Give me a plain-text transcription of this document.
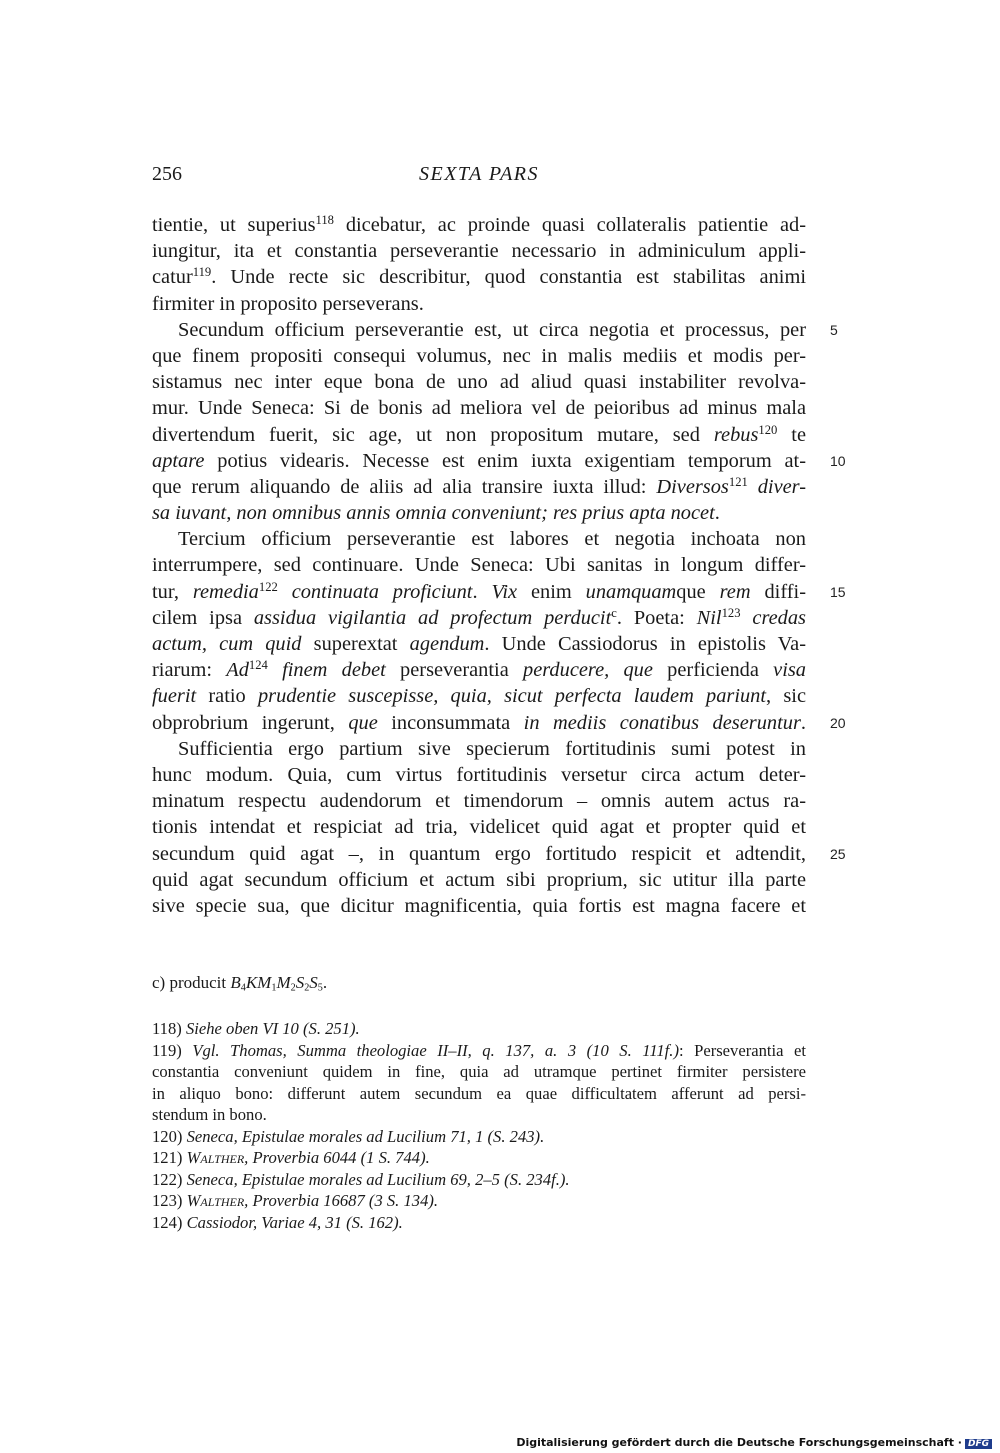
256	SEXTA PARS
tientie, ut superius$^{118}$ dicebatur, ac proinde quasi collateralis patientie ad-
iungitur, ita et constantia perseverantie necessario in adminiculum appli-
catur$^{119}$. Unde recte sic describitur, quod constantia est stabilitas animi
firmiter in proposito perseverans.
Secundum officium perseverantie est, ut circa negotia et processus, per
que finem propositi consequi volumus, nec in malis mediis et modis per-
sistamus nec inter eque bona de uno ad aliud quasi instabiliter revolva-
mur. Unde Seneca: Si de bonis ad meliora vel de peioribus ad minus mala
divertendum fuerit, sic age, ut non propositum mutare, sed rebus$^{120}$ te
aptare potius videaris. Necesse est enim iuxta exigentiam temporum at-
que rerum aliquando de aliis ad alia transire iuxta illud: Diversos$^{121}$ diver-
sa iuvant, non omnibus annis omnia conveniunt; res prius apta nocet.
Tercium officium perseverantie est labores et negotia inchoata non
interrumpere, sed continuare. Unde Seneca: Ubi sanitas in longum differ-
tur, remedia$^{122}$ continuata proficiunt. Vix enim unamquamque rem diffi-
cilem ipsa assidua vigilantia ad profectum perducit$^c$. Poeta: Nil$^{123}$ credas
actum, cum quid superextat agendum. Unde Cassiodorus in epistolis Va-
riarum: Ad$^{124}$ finem debet perseverantia perducere, que perficienda visa
fuerit ratio prudentie suscepisse, quia, sicut perfecta laudem pariunt, sic
obprobrium ingerunt, que inconsummata in mediis conatibus deseruntur.
Sufficientia ergo partium sive specierum fortitudinis sumi potest in
hunc modum. Quia, cum virtus fortitudinis versetur circa actum deter-
minatum respectu audendorum et timendorum – omnis autem actus ra-
tionis intendat et respiciat ad tria, videlicet quid agat et propter quid et
secundum quid agat –, in quantum ergo fortitudo respicit et adtendit,
quid agat secundum officium et actum sibi proprium, sic utitur illa parte
sive specie sua, que dicitur magnificentia, quia fortis est magna facere et
c) producit $B_4KM_1M_2S_2S_5$.
118) Siehe oben VI 10 (S. 251).
119) Vgl. Thomas, Summa theologiae II–II, q. 137, a. 3 (10 S. 111f.): Perseverantia et
constantia conveniunt quidem in fine, quia ad utramque pertinet firmiter persistere
in aliquo bono: differunt autem secundum ea quae difficultatem afferunt ad persi-
stendum in bono.
120) Seneca, Epistulae morales ad Lucilium 71, 1 (S. 243).
121) Walther, Proverbia 6044 (1 S. 744).
122) Seneca, Epistulae morales ad Lucilium 69, 2–5 (S. 234f.).
123) Walther, Proverbia 16687 (3 S. 134).
124) Cassiodor, Variae 4, 31 (S. 162).
Digitalisierung gefördert durch die Deutsche Forschungsgemeinschaft · DFG
5
10
15
20
25
